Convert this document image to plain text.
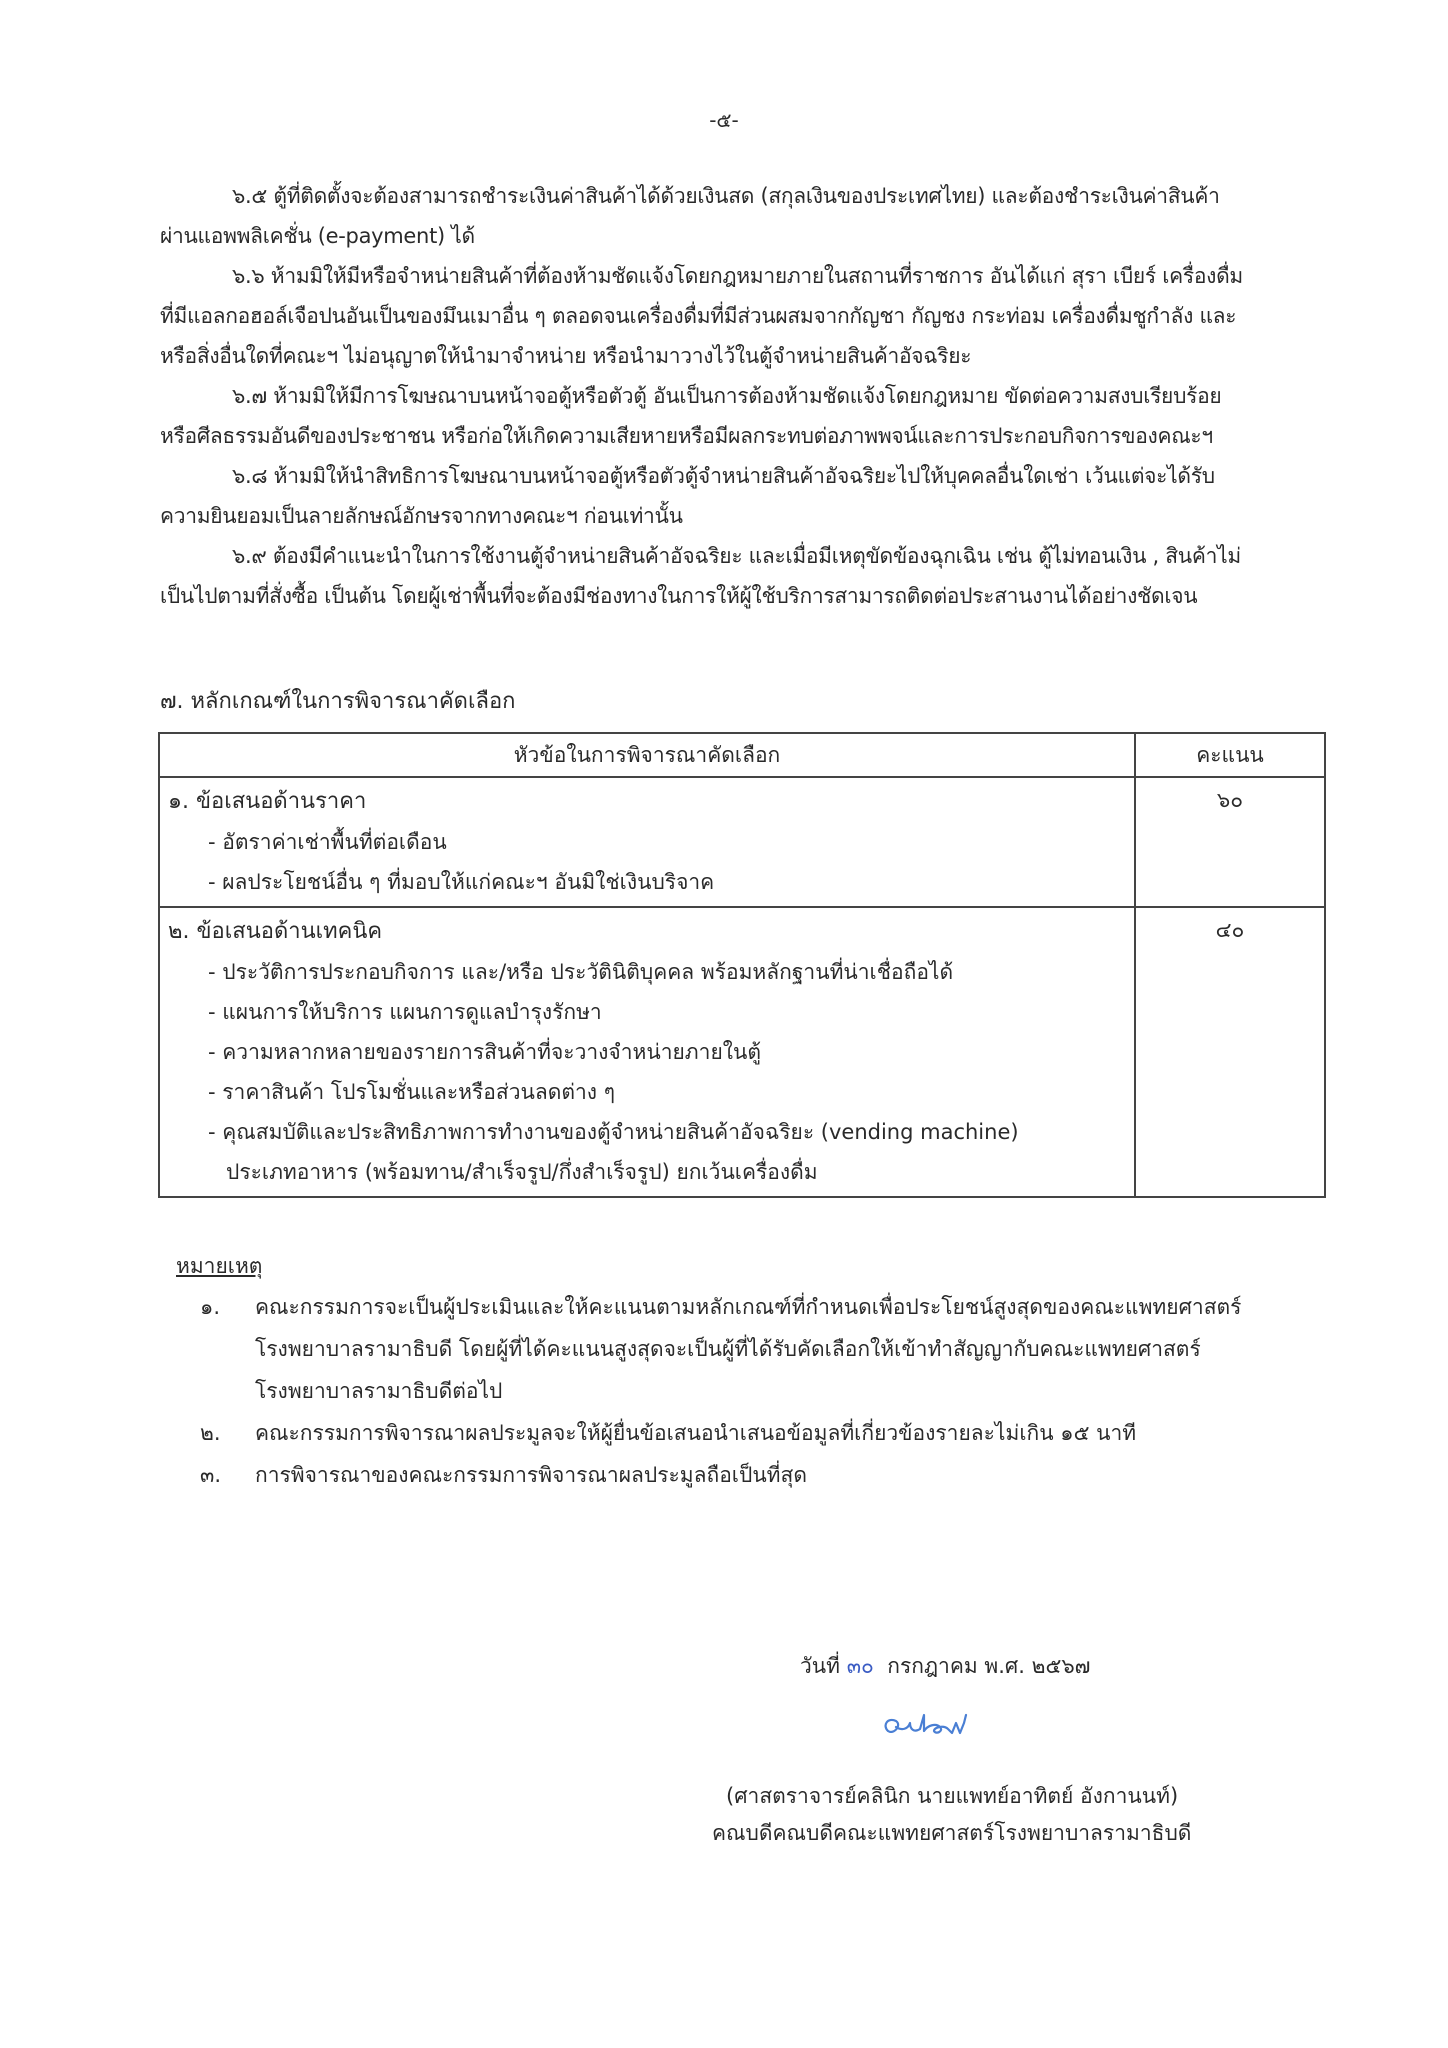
-๕-
๖.๕ ตู้ที่ติดตั้งจะต้องสามารถชำระเงินค่าสินค้าได้ด้วยเงินสด (สกุลเงินของประเทศไทย) และต้องชำระเงินค่าสินค้า
ผ่านแอพพลิเคชั่น (e-payment) ได้
๖.๖ ห้ามมิให้มีหรือจำหน่ายสินค้าที่ต้องห้ามชัดแจ้งโดยกฎหมายภายในสถานที่ราชการ อันได้แก่ สุรา เบียร์ เครื่องดื่ม
ที่มีแอลกอฮอล์เจือปนอันเป็นของมึนเมาอื่น ๆ ตลอดจนเครื่องดื่มที่มีส่วนผสมจากกัญชา กัญชง กระท่อม เครื่องดื่มชูกำลัง และ
หรือสิ่งอื่นใดที่คณะฯ ไม่อนุญาตให้นำมาจำหน่าย หรือนำมาวางไว้ในตู้จำหน่ายสินค้าอัจฉริยะ
๖.๗ ห้ามมิให้มีการโฆษณาบนหน้าจอตู้หรือตัวตู้ อันเป็นการต้องห้ามชัดแจ้งโดยกฎหมาย ขัดต่อความสงบเรียบร้อย
หรือศีลธรรมอันดีของประชาชน หรือก่อให้เกิดความเสียหายหรือมีผลกระทบต่อภาพพจน์และการประกอบกิจการของคณะฯ
๖.๘ ห้ามมิให้นำสิทธิการโฆษณาบนหน้าจอตู้หรือตัวตู้จำหน่ายสินค้าอัจฉริยะไปให้บุคคลอื่นใดเช่า เว้นแต่จะได้รับ
ความยินยอมเป็นลายลักษณ์อักษรจากทางคณะฯ ก่อนเท่านั้น
๖.๙ ต้องมีคำแนะนำในการใช้งานตู้จำหน่ายสินค้าอัจฉริยะ และเมื่อมีเหตุขัดข้องฉุกเฉิน เช่น ตู้ไม่ทอนเงิน , สินค้าไม่
เป็นไปตามที่สั่งซื้อ เป็นต้น โดยผู้เช่าพื้นที่จะต้องมีช่องทางในการให้ผู้ใช้บริการสามารถติดต่อประสานงานได้อย่างชัดเจน
๗. หลักเกณฑ์ในการพิจารณาคัดเลือก
หัวข้อในการพิจารณาคัดเลือก	คะแนน

๑. ข้อเสนอด้านราคา
- อัตราค่าเช่าพื้นที่ต่อเดือน
- ผลประโยชน์อื่น ๆ ที่มอบให้แก่คณะฯ อันมิใช่เงินบริจาค	๖๐

๒. ข้อเสนอด้านเทคนิค
- ประวัติการประกอบกิจการ และ/หรือ ประวัตินิติบุคคล พร้อมหลักฐานที่น่าเชื่อถือได้
- แผนการให้บริการ แผนการดูแลบำรุงรักษา
- ความหลากหลายของรายการสินค้าที่จะวางจำหน่ายภายในตู้
- ราคาสินค้า โปรโมชั่นและหรือส่วนลดต่าง ๆ
- คุณสมบัติและประสิทธิภาพการทำงานของตู้จำหน่ายสินค้าอัจฉริยะ (vending machine)
ประเภทอาหาร (พร้อมทาน/สำเร็จรูป/กึ่งสำเร็จรูป) ยกเว้นเครื่องดื่ม
	๔๐
หมายเหตุ
๑.	คณะกรรมการจะเป็นผู้ประเมินและให้คะแนนตามหลักเกณฑ์ที่กำหนดเพื่อประโยชน์สูงสุดของคณะแพทยศาสตร์
โรงพยาบาลรามาธิบดี โดยผู้ที่ได้คะแนนสูงสุดจะเป็นผู้ที่ได้รับคัดเลือกให้เข้าทำสัญญากับคณะแพทยศาสตร์
โรงพยาบาลรามาธิบดีต่อไป
๒.	คณะกรรมการพิจารณาผลประมูลจะให้ผู้ยื่นข้อเสนอนำเสนอข้อมูลที่เกี่ยวข้องรายละไม่เกิน ๑๕ นาที
๓.	การพิจารณาของคณะกรรมการพิจารณาผลประมูลถือเป็นที่สุด
วันที่ ๓๐ กรกฎาคม พ.ศ. ๒๕๖๗
(ศาสตราจารย์คลินิก นายแพทย์อาทิตย์ อังกานนท์)
คณบดีคณบดีคณะแพทยศาสตร์โรงพยาบาลรามาธิบดี
